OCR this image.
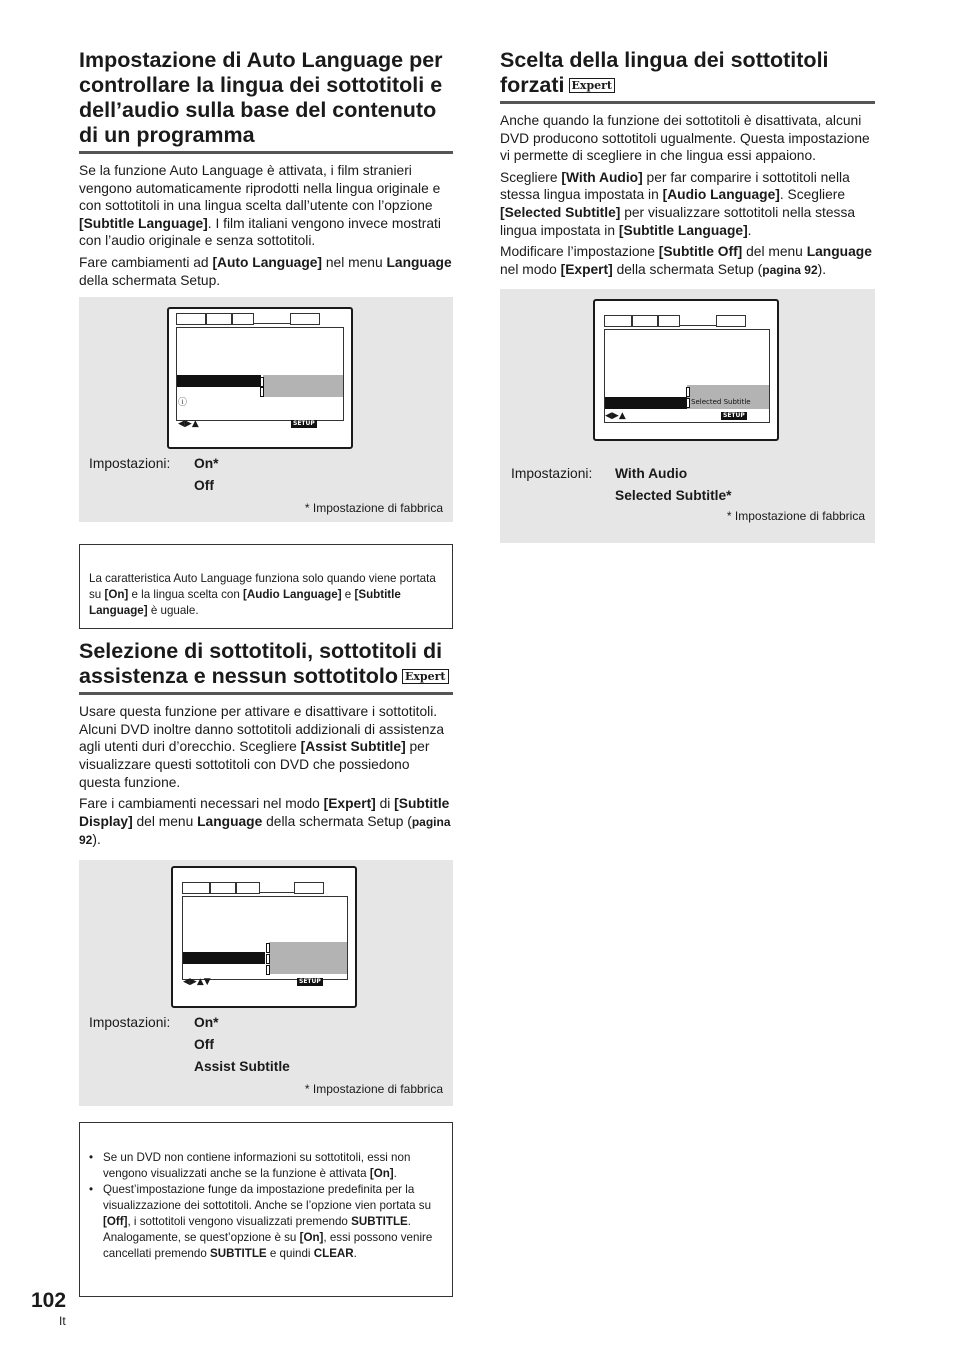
Impostazione di Auto Language per controllare la lingua dei sottotitoli e dell’audio sulla base del contenuto di un programma

Se la funzione Auto Language è attivata, i film stranieri vengono automaticamente riprodotti nella lingua originale e con sottotitoli in una lingua scelta dall’utente con l’opzione [Subtitle Language]. I film italiani vengono invece mostrati con l’audio originale e senza sottotitoli.

Fare cambiamenti ad [Auto Language] nel menu Language della schermata Setup.

ⓘ
◀▶▲	SETUP
Impostazioni: On*
Off
* Impostazione di fabbrica
La caratteristica Auto Language funziona solo quando viene portata su [On] e la lingua scelta con [Audio Language] e [Subtitle Language] è uguale.
Selezione di sottotitoli, sottotitoli di assistenza e nessun sottotitolo Expert

Usare questa funzione per attivare e disattivare i sottotitoli. Alcuni DVD inoltre danno sottotitoli addizionali di assistenza agli utenti duri d’orecchio. Scegliere [Assist Subtitle] per visualizzare questi sottotitoli con DVD che possiedono questa funzione.

Fare i cambiamenti necessari nel modo [Expert] di [Subtitle Display] del menu Language della schermata Setup (pagina 92).

◀▶▲▼	SETUP
Impostazioni: On*
Off
Assist Subtitle
* Impostazione di fabbrica
• Se un DVD non contiene informazioni su sottotitoli, essi non vengono visualizzati anche se la funzione è attivata [On].
• Quest’impostazione funge da impostazione predefinita per la visualizzazione dei sottotitoli. Anche se l’opzione vien portata su [Off], i sottotitoli vengono visualizzati premendo SUBTITLE. Analogamente, se quest’opzione è su [On], essi possono venire cancellati premendo SUBTITLE e quindi CLEAR.
Scelta della lingua dei sottotitoli forzati Expert

Anche quando la funzione dei sottotitoli è disattivata, alcuni DVD producono sottotitoli ugualmente. Questa impostazione vi permette di scegliere in che lingua essi appaiono.

Scegliere [With Audio] per far comparire i sottotitoli nella stessa lingua impostata in [Audio Language]. Scegliere [Selected Subtitle] per visualizzare sottotitoli nella stessa lingua impostata in [Subtitle Language].

Modificare l’impostazione [Subtitle Off] del menu Language nel modo [Expert] della schermata Setup (pagina 92).

Selected Subtitle
◀▶▲	SETUP
Impostazioni: With Audio
Selected Subtitle*
* Impostazione di fabbrica
102
It
